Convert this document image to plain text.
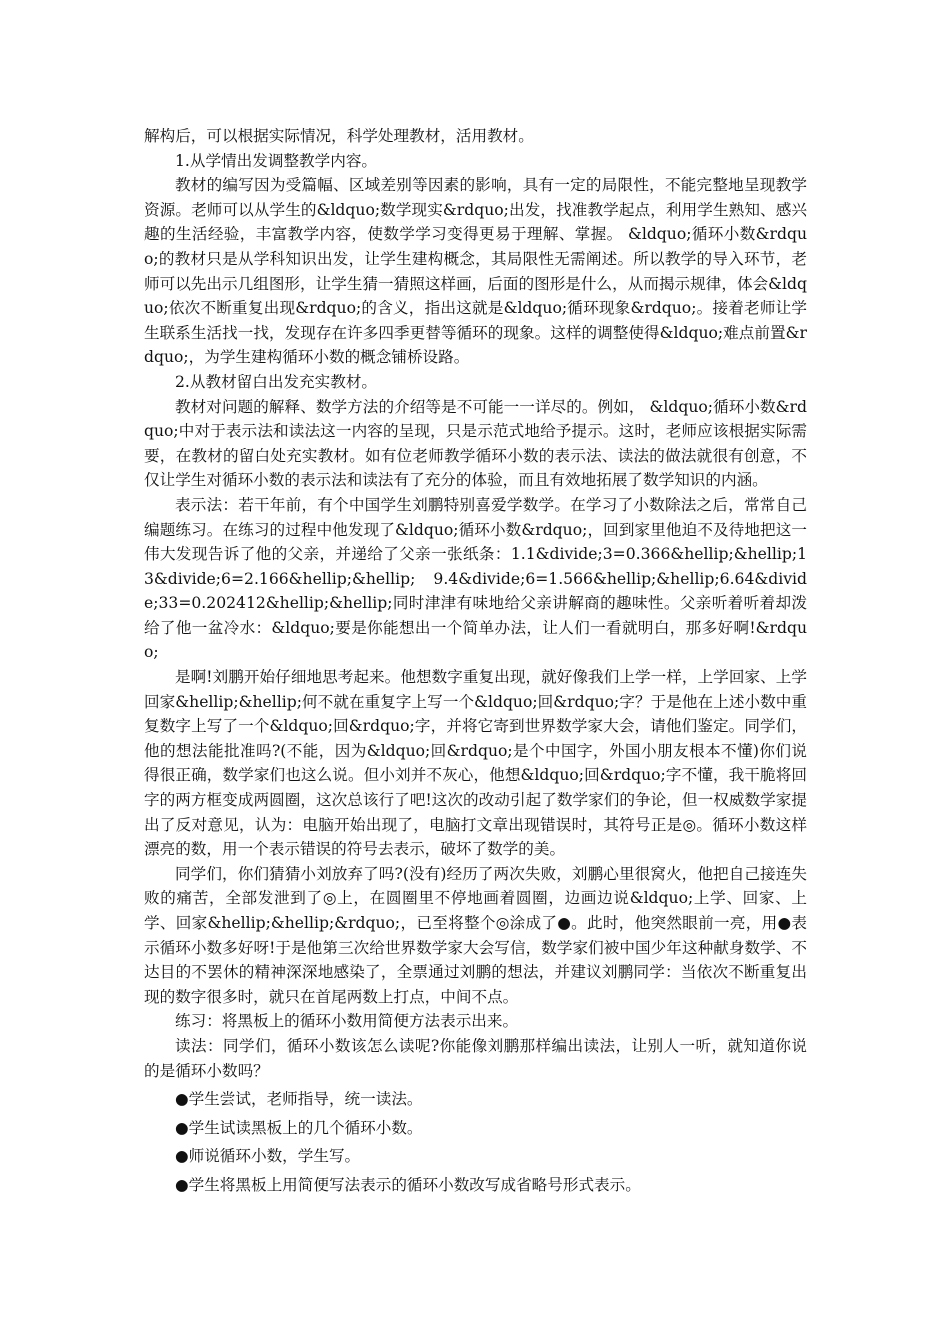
解构后，可以根据实际情况，科学处理教材，活用教材。

1.从学情出发调整教学内容。

教材的编写因为受篇幅、区域差别等因素的影响，具有一定的局限性，不能完整地呈现教学资源。老师可以从学生的&ldquo;数学现实&rdquo;出发，找准教学起点，利用学生熟知、感兴趣的生活经验，丰富教学内容，使数学学习变得更易于理解、掌握。 &ldquo;循环小数&rdquo;的教材只是从学科知识出发，让学生建构概念，其局限性无需阐述。所以教学的导入环节，老师可以先出示几组图形，让学生猜一猜照这样画，后面的图形是什么，从而揭示规律，体会&ldquo;依次不断重复出现&rdquo;的含义，指出这就是&ldquo;循环现象&rdquo;。接着老师让学生联系生活找一找，发现存在许多四季更替等循环的现象。这样的调整使得&ldquo;难点前置&rdquo;，为学生建构循环小数的概念铺桥设路。

2.从教材留白出发充实教材。

教材对问题的解释、数学方法的介绍等是不可能一一详尽的。例如， &ldquo;循环小数&rdquo;中对于表示法和读法这一内容的呈现，只是示范式地给予提示。这时，老师应该根据实际需要，在教材的留白处充实教材。如有位老师教学循环小数的表示法、读法的做法就很有创意，不仅让学生对循环小数的表示法和读法有了充分的体验，而且有效地拓展了数学知识的内涵。

表示法：若干年前，有个中国学生刘鹏特别喜爱学数学。在学习了小数除法之后，常常自己编题练习。在练习的过程中他发现了&ldquo;循环小数&rdquo;，回到家里他迫不及待地把这一伟大发现告诉了他的父亲，并递给了父亲一张纸条：1.1&divide;3=0.366&hellip;&hellip;13&divide;6=2.166&hellip;&hellip; 9.4&divide;6=1.566&hellip;&hellip;6.64&divide;33=0.202412&hellip;&hellip;同时津津有味地给父亲讲解商的趣味性。父亲听着听着却泼给了他一盆冷水：&ldquo;要是你能想出一个简单办法，让人们一看就明白，那多好啊!&rdquo;

是啊!刘鹏开始仔细地思考起来。他想数字重复出现，就好像我们上学一样，上学回家、上学回家&hellip;&hellip;何不就在重复字上写一个&ldquo;回&rdquo;字？于是他在上述小数中重复数字上写了一个&ldquo;回&rdquo;字，并将它寄到世界数学家大会，请他们鉴定。同学们，他的想法能批准吗?(不能，因为&ldquo;回&rdquo;是个中国字，外国小朋友根本不懂)你们说得很正确，数学家们也这么说。但小刘并不灰心，他想&ldquo;回&rdquo;字不懂，我干脆将回字的两方框变成两圆圈，这次总该行了吧!这次的改动引起了数学家们的争论，但一权威数学家提出了反对意见，认为：电脑开始出现了，电脑打文章出现错误时，其符号正是◎。循环小数这样漂亮的数，用一个表示错误的符号去表示，破坏了数学的美。

同学们，你们猜猜小刘放弃了吗?(没有)经历了两次失败，刘鹏心里很窝火，他把自己接连失败的痛苦，全部发泄到了◎上，在圆圈里不停地画着圆圈，边画边说&ldquo;上学、回家、上学、回家&hellip;&hellip;&rdquo;，已至将整个◎涂成了●。此时，他突然眼前一亮，用●表示循环小数多好呀!于是他第三次给世界数学家大会写信，数学家们被中国少年这种献身数学、不达目的不罢休的精神深深地感染了，全票通过刘鹏的想法，并建议刘鹏同学：当依次不断重复出现的数字很多时，就只在首尾两数上打点，中间不点。

练习：将黑板上的循环小数用简便方法表示出来。

读法：同学们，循环小数该怎么读呢?你能像刘鹏那样编出读法，让别人一听，就知道你说的是循环小数吗？

●学生尝试，老师指导，统一读法。

●学生试读黑板上的几个循环小数。

●师说循环小数，学生写。

●学生将黑板上用简便写法表示的循环小数改写成省略号形式表示。
